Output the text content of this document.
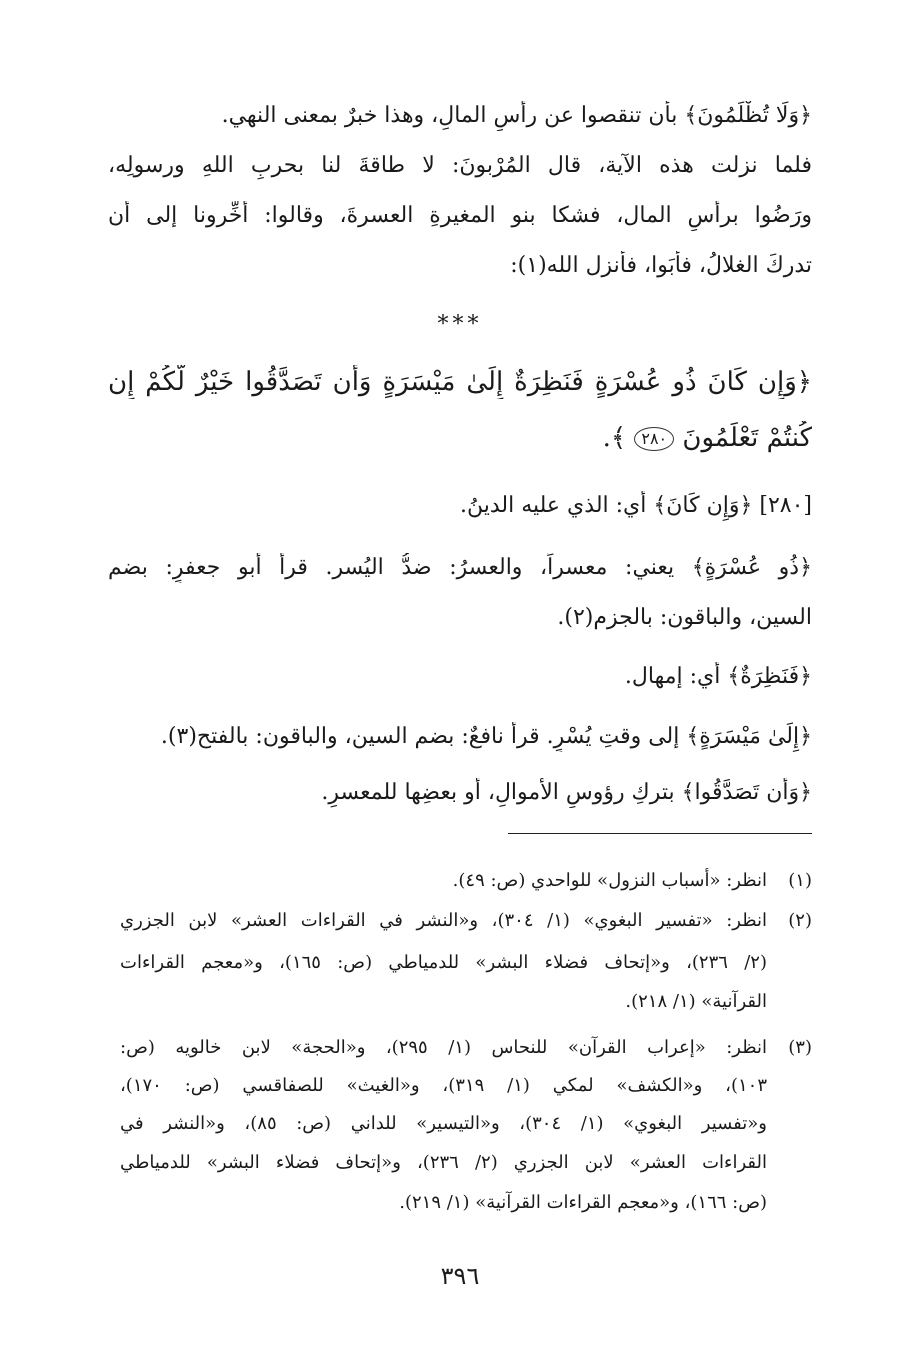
﴿وَلَا تُظْلَمُونَ﴾ بأن تنقصوا عن رأسِ المالِ، وهذا خبرٌ بمعنى النهي.
فلما نزلت هذه الآية، قال المُرْبونَ: لا طاقةَ لنا بحربِ اللهِ ورسولِه،
ورَضُوا برأسِ المال، فشكا بنو المغيرةِ العسرةَ، وقالوا: أَخِّرونا إلى أن
تدركَ الغلالُ، فأَبَوا، فأنزل الله(١):
***
﴿وَإِن كَانَ ذُو عُسْرَةٍ فَنَظِرَةٌ إِلَىٰ مَيْسَرَةٍ وَأَن تَصَدَّقُوا خَيْرٌ لَّكُمْ إِن
كُنتُمْ تَعْلَمُونَ ٢٨٠ ﴾.
[٢٨٠] ﴿وَإِن كَانَ﴾ أي: الذي عليه الدينُ.
﴿ذُو عُسْرَةٍ﴾ يعني: معسراً، والعسرُ: ضدُّ اليُسر. قرأ أبو جعفرٍ: بضم
السين، والباقون: بالجزم(٢).
﴿فَنَظِرَةٌ﴾ أي: إمهال.
﴿إِلَىٰ مَيْسَرَةٍ﴾ إلى وقتِ يُسْرٍ. قرأ نافعٌ: بضم السين، والباقون: بالفتح(٣).
﴿وَأَن تَصَدَّقُوا﴾ بتركِ رؤوسِ الأموالِ، أو بعضِها للمعسرِ.
(١)
انظر: «أسباب النزول» للواحدي (ص: ٤٩).
(٢)
انظر: «تفسير البغوي» (١/ ٣٠٤)، و«النشر في القراءات العشر» لابن الجزري
(٢/ ٢٣٦)، و«إتحاف فضلاء البشر» للدمياطي (ص: ١٦٥)، و«معجم القراءات
القرآنية» (١/ ٢١٨).
(٣)
انظر: «إعراب القرآن» للنحاس (١/ ٢٩٥)، و«الحجة» لابن خالويه (ص:
١٠٣)، و«الكشف» لمكي (١/ ٣١٩)، و«الغيث» للصفاقسي (ص: ١٧٠)،
و«تفسير البغوي» (١/ ٣٠٤)، و«التيسير» للداني (ص: ٨٥)، و«النشر في
القراءات العشر» لابن الجزري (٢/ ٢٣٦)، و«إتحاف فضلاء البشر» للدمياطي
(ص: ١٦٦)، و«معجم القراءات القرآنية» (١/ ٢١٩).
٣٩٦
